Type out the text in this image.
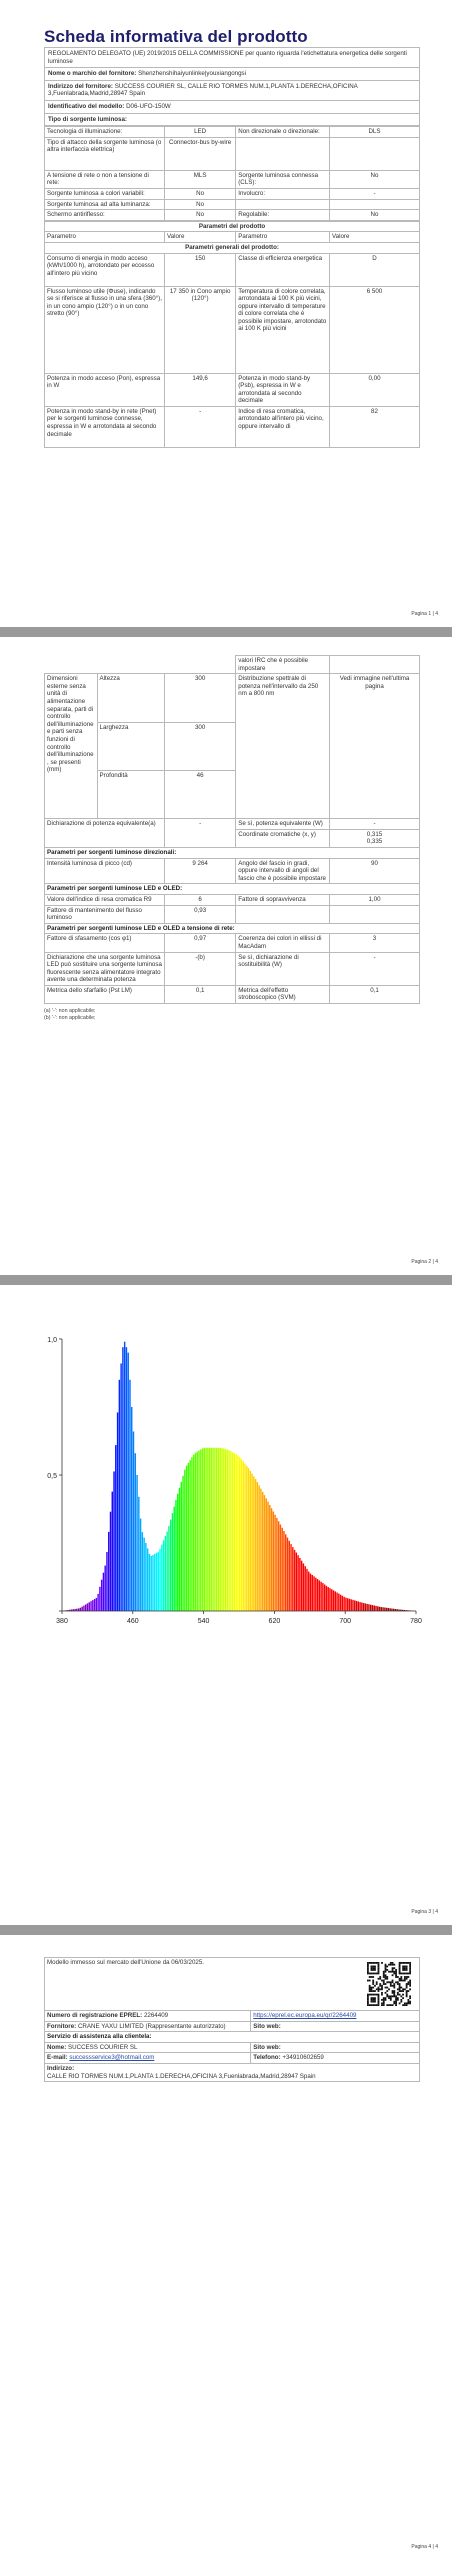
Scheda informativa del prodotto
REGOLAMENTO DELEGATO (UE) 2019/2015 DELLA COMMISSIONE per quanto riguarda l'etichettatura energetica delle sorgenti luminose
Nome o marchio del fornitore: Shenzhenshihaiyunlinke|youxiangongsi
Indirizzo del fornitore: SUCCESS COURIER SL, CALLE RIO TORMES NUM.1,PLANTA 1.DERECHA,OFICINA 3,Fuenlabrada,Madrid,28947 Spain
Identificativo del modello: D06-UFO-150W
Tipo di sorgente luminosa:
Tecnologia di illuminazione:	LED	Non direzionale o direzionale:	DLS
Tipo di attacco della sorgente luminosa (o altra interfaccia elettrica)	Connector-bus by-wire		
A tensione di rete o non a tensione di rete:	MLS	Sorgente luminosa connessa (CLS):	No
Sorgente luminosa a colori variabili:	No	Involucro:	-
Sorgente luminosa ad alta luminanza:	No		
Schermo antiriflesso:	No	Regolabile:	No
Parametri del prodotto			
Parametro	Valore	Parametro	Valore
Parametri generali del prodotto:			
Consumo di energia in modo acceso (kWh/1000 h), arrotondato per eccesso all'intero più vicino	150	Classe di efficienza energetica	D
Flusso luminoso utile (Φuse), indicando se si riferisce al flusso in una sfera (360°), in un cono ampio (120°) o in un cono stretto (90°)	17 350 in Cono ampio (120°)	Temperatura di colore correlata, arrotondata ai 100 K più vicini, oppure intervallo di temperature di colore correlata che è possibile impostare, arrotondato ai 100 K più vicini	6 500
Potenza in modo acceso (Pon), espressa in W	149,6	Potenza in modo stand-by (Psb), espressa in W e arrotondata al secondo decimale	0,00
Potenza in modo stand-by in rete (Pnet) per le sorgenti luminose connesse, espressa in W e arrotondata al secondo decimale	-	Indice di resa cromatica, arrotondato all'intero più vicino, oppure intervallo di	82
Pagina 1 | 4
			valori IRC che è possibile impostare	
Dimensioni esterne senza unità di alimentazione separata, parti di controllo dell'illuminazione e parti senza funzioni di controllo dell'illuminazione, se presenti (mm)	Altezza	300	Distribuzione spettrale di potenza nell'intervallo da 250 nm a 800 nm	Vedi immagine nell'ultima pagina
	Larghezza	300		
	Profondità	46		
Dichiarazione di potenza equivalente(a)		-	Se sì, potenza equivalente (W)	-
			Coordinate cromatiche (x, y)	0,315
0,335

Parametri per sorgenti luminose direzionali:				
Intensità luminosa di picco (cd)		9 264	Angolo del fascio in gradi, oppure intervallo di angoli del fascio che è possibile impostare	90
Parametri per sorgenti luminose LED e OLED:				
Valore dell'indice di resa cromatica R9		6	Fattore di sopravvivenza	1,00
Fattore di mantenimento del flusso luminoso		0,93		
Parametri per sorgenti luminose LED e OLED a tensione di rete:				
Fattore di sfasamento (cos φ1)		0,97	Coerenza dei colori in ellissi di MacAdam	3
Dichiarazione che una sorgente luminosa LED può sostituire una sorgente luminosa fluorescente senza alimentatore integrato avente una determinata potenza		-(b)	Se sì, dichiarazione di sostituibilità (W)	-
Metrica dello sfarfallio (Pst LM)		0,1	Metrica dell'effetto stroboscopico (SVM)	0,1
(a) '-': non applicabile;
(b) '-': non applicabile;
Pagina 2 | 4
380	460	540	620	700	780
0,5
1,0
Pagina 3 | 4
Modello immesso sul mercato dell'Unione da 06/03/2025.	

Numero di registrazione EPREL: 2264409	https://eprel.ec.europa.eu/qr/2264409
Fornitore: CRANE YAXU LIMITED (Rappresentante autorizzato)	Sito web:
Servizio di assistenza alla clientela:	
Nome: SUCCESS COURIER SL	Sito web:
E-mail: successservice3@hotmail.com	Telefono: +34910602659
Indirizzo:
CALLE RIO TORMES NUM.1,PLANTA 1.DERECHA,OFICINA 3,Fuenlabrada,Madrid,28947 Spain	
Pagina 4 | 4
